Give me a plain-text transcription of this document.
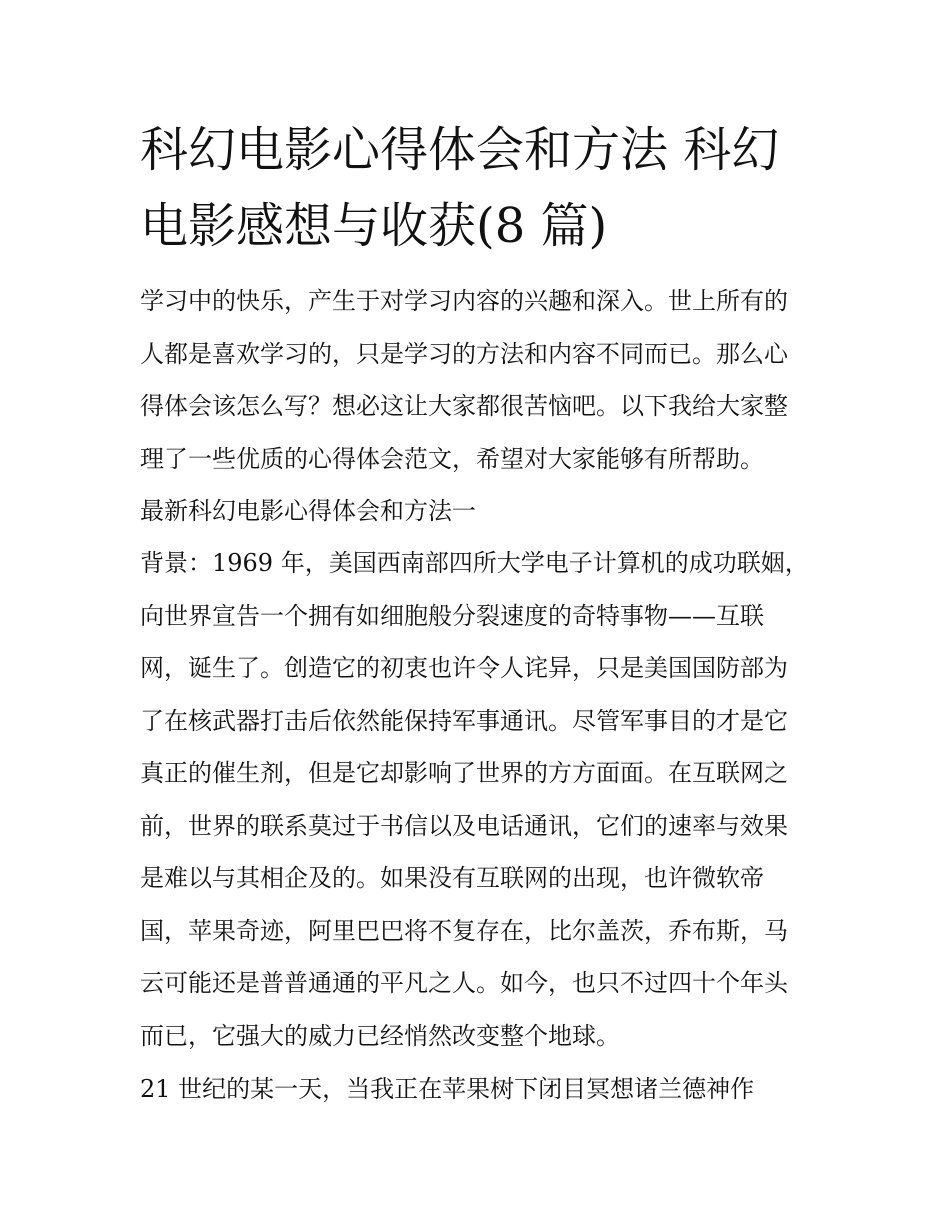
科幻电影心得体会和方法 科幻
电影感想与收获(8 篇)
学习中的快乐，产生于对学习内容的兴趣和深入。世上所有的
人都是喜欢学习的，只是学习的方法和内容不同而已。那么心
得体会该怎么写？想必这让大家都很苦恼吧。以下我给大家整
理了一些优质的心得体会范文，希望对大家能够有所帮助。
最新科幻电影心得体会和方法一
背景：1969 年，美国西南部四所大学电子计算机的成功联姻，
向世界宣告一个拥有如细胞般分裂速度的奇特事物——互联
网，诞生了。创造它的初衷也许令人诧异，只是美国国防部为
了在核武器打击后依然能保持军事通讯。尽管军事目的才是它
真正的催生剂，但是它却影响了世界的方方面面。在互联网之
前，世界的联系莫过于书信以及电话通讯，它们的速率与效果
是难以与其相企及的。如果没有互联网的出现，也许微软帝
国，苹果奇迹，阿里巴巴将不复存在，比尔盖茨，乔布斯，马
云可能还是普普通通的平凡之人。如今，也只不过四十个年头
而已，它强大的威力已经悄然改变整个地球。
21 世纪的某一天，当我正在苹果树下闭目冥想诸兰德神作
